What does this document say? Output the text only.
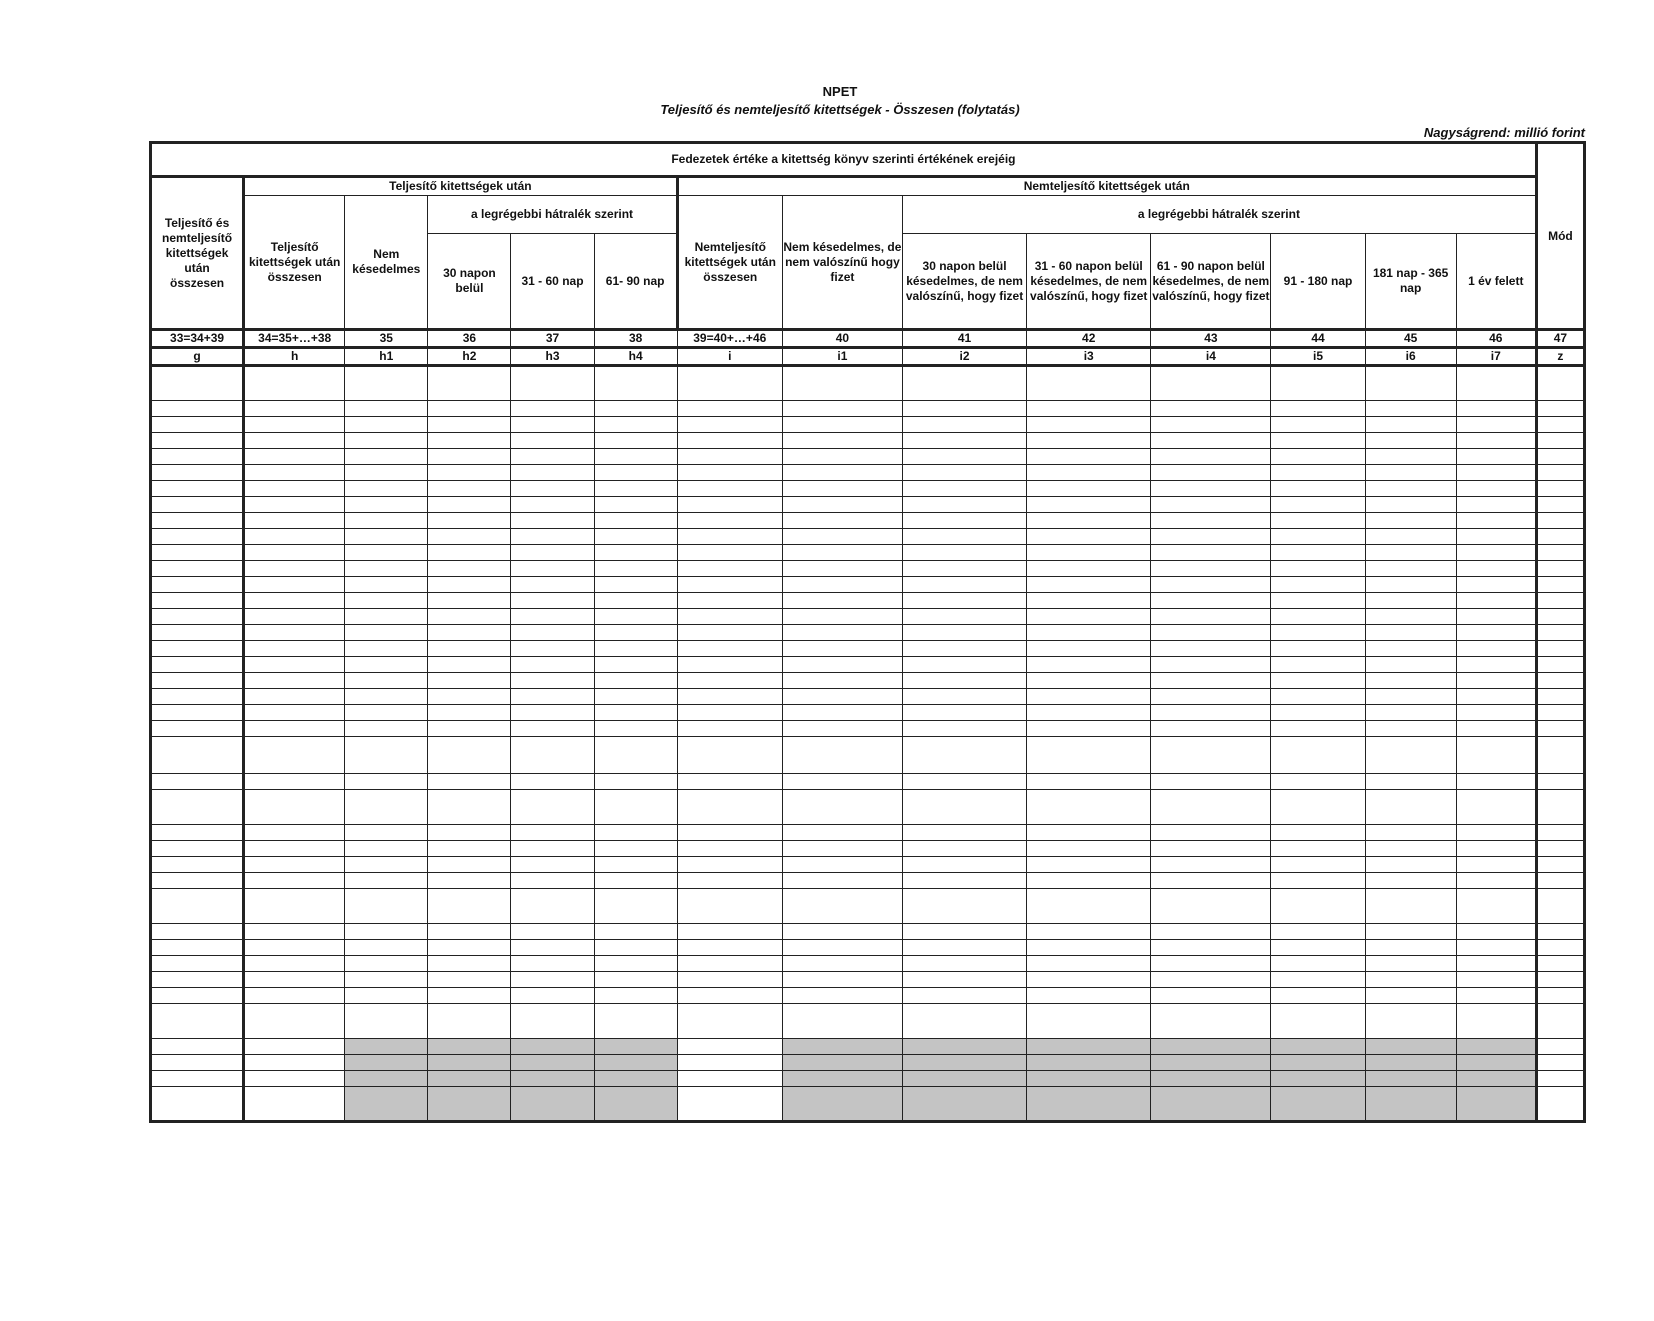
NPET
Teljesítő és nemteljesítő kitettségek - Összesen (folytatás)
Nagyságrend: millió forint
Fedezetek értéke a kitettség könyv szerinti értékének erejéig														Mód
Teljesítő és nemteljesítő kitettségek után összesen	Teljesítő kitettségek után					Nemteljesítő kitettségek után								
	Teljesítő kitettségek után összesen	Nem késedelmes	a legrégebbi hátralék szerint			Nemteljesítő kitettségek után összesen	Nem késedelmes, de nem valószínű hogy fizet	a legrégebbi hátralék szerint						
			30 napon belül	31 - 60 nap	61- 90 nap			30 napon belül késedelmes, de nem valószínű, hogy fizet	31 - 60 napon belül késedelmes, de nem valószínű, hogy fizet	61 - 90 napon belül késedelmes, de nem valószínű, hogy fizet	91 - 180 nap	181 nap - 365 nap	1 év felett	
33=34+39	34=35+…+38	35	36	37	38	39=40+…+46	40	41	42	43	44	45	46	47
g	h	h1	h2	h3	h4	i	i1	i2	i3	i4	i5	i6	i7	z
